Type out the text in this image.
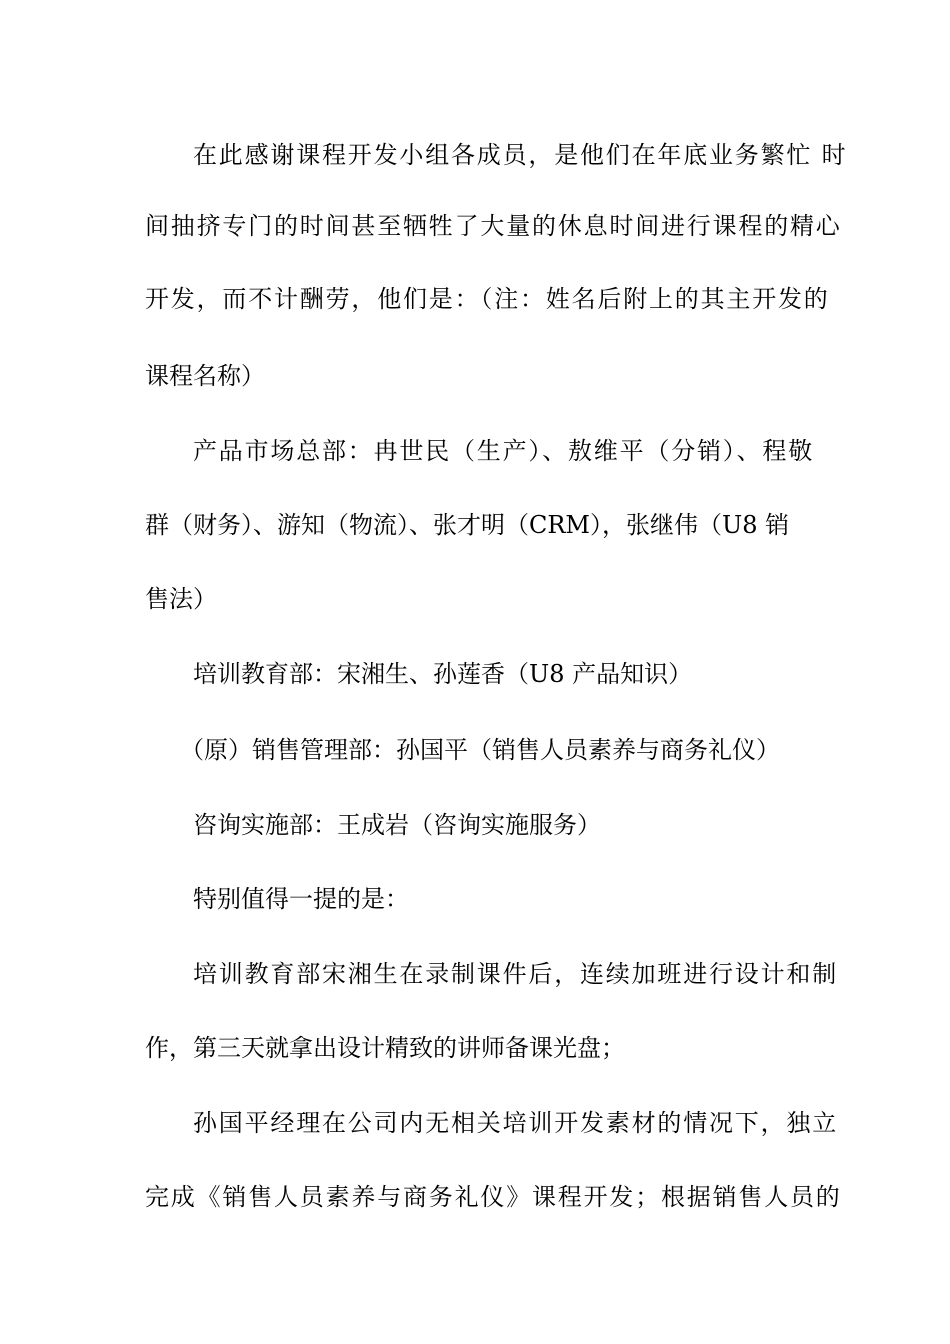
在此感谢课程开发小组各成员，是他们在年底业务繁忙 时
间抽挤专门的时间甚至牺牲了大量的休息时间进行课程的精心
开发，而不计酬劳，他们是：（注：姓名后附上的其主开发的
课程名称）
产品市场总部：冉世民（生产）、敖维平（分销）、程敬
群（财务）、游知（物流）、张才明（CRM），张继伟（U8 销
售法）
培训教育部：宋湘生、孙莲香（U8 产品知识）
（原）销售管理部：孙国平（销售人员素养与商务礼仪）
咨询实施部：王成岩（咨询实施服务）
特别值得一提的是：
培训教育部宋湘生在录制课件后，连续加班进行设计和制
作，第三天就拿出设计精致的讲师备课光盘；
孙国平经理在公司内无相关培训开发素材的情况下，独立
完成《销售人员素养与商务礼仪》课程开发；根据销售人员的
